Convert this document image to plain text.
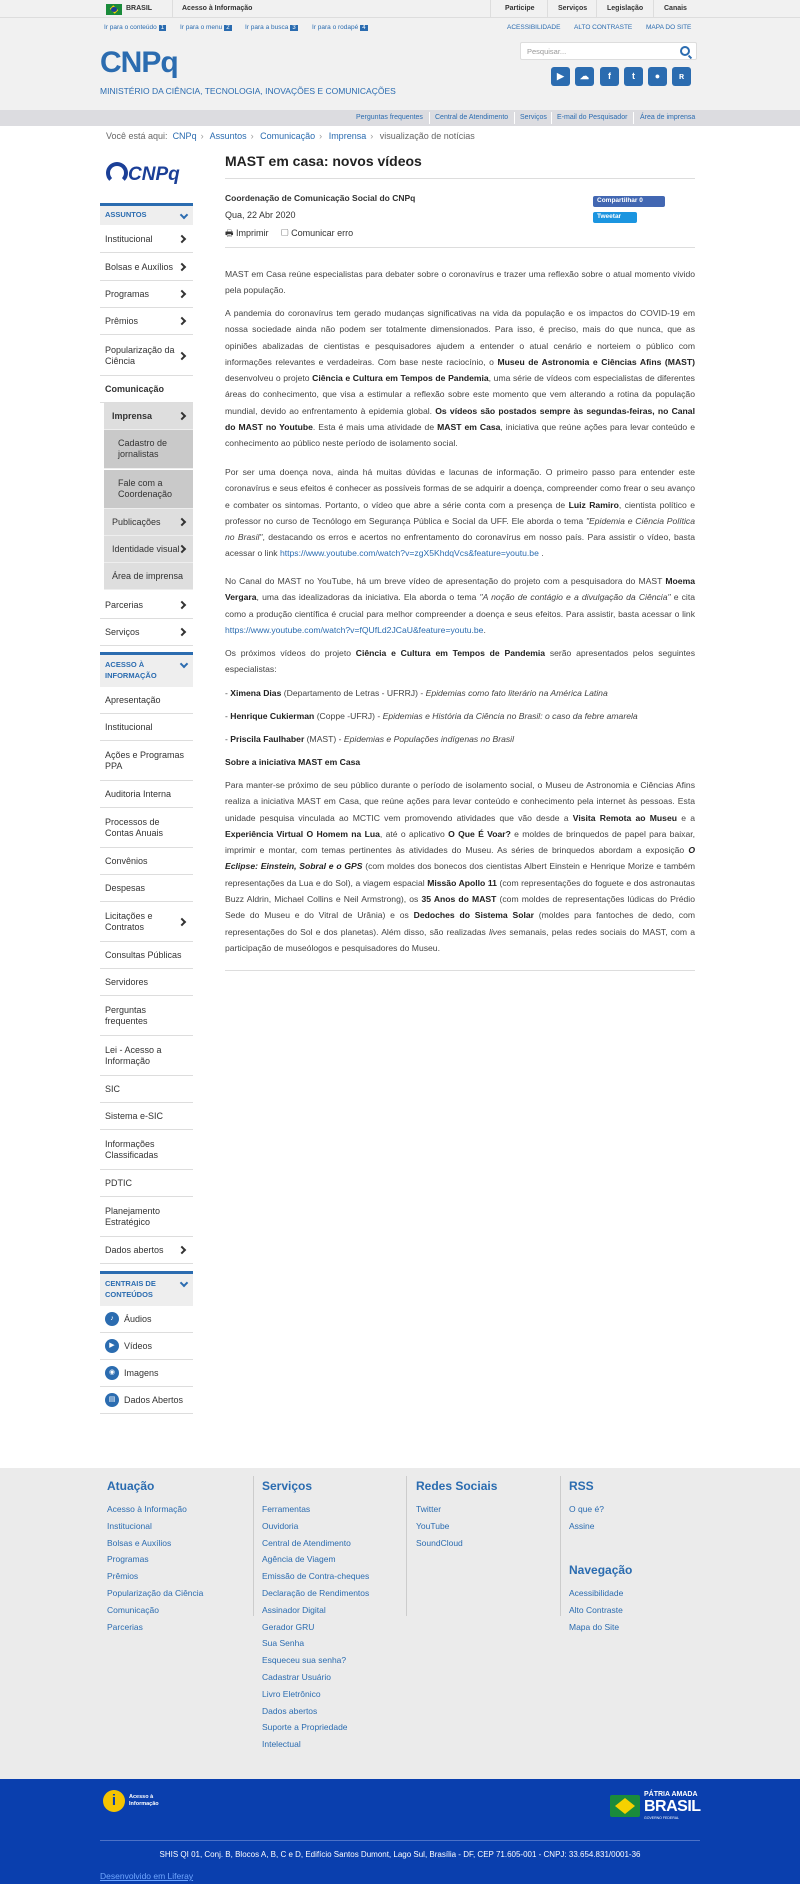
BRASIL	Acesso à Informação	Participe	Serviços	Legislação	Canais
Ir para o conteúdo 1	Ir para o menu 2	Ir para a busca 3	Ir para o rodapé 4	ACESSIBILIDADE ALTO CONTRASTE MAPA DO SITE
CNPq
MINISTÉRIO DA CIÊNCIA, TECNOLOGIA, INOVAÇÕES E COMUNICAÇÕES
Pesquisar...
▶	☁	f	t	●	ʀ
Perguntas frequentes Central de Atendimento Serviços E-mail do Pesquisador Área de imprensa
Você está aqui: CNPq › Assuntos › Comunicação › Imprensa › visualização de notícias
CNPq
ASSUNTOS
Institucional
Bolsas e Auxílios
Programas
Prêmios
Popularização da Ciência
Comunicação
Imprensa
Cadastro de jornalistas
Fale com a Coordenação
Publicações
Identidade visual
Área de imprensa
Parcerias
Serviços
ACESSO À INFORMAÇÃO
Apresentação
Institucional
Ações e Programas PPA
Auditoria Interna
Processos de Contas Anuais
Convênios
Despesas
Licitações e Contratos
Consultas Públicas
Servidores
Perguntas frequentes
Lei - Acesso a Informação
SIC
Sistema e-SIC
Informações Classificadas
PDTIC
Planejamento Estratégico
Dados abertos
CENTRAIS DE CONTEÚDOS
♪	Áudios
▶	Vídeos
◉ Imagens
▤ Dados Abertos
MAST em casa: novos vídeos
Coordenação de Comunicação Social do CNPq
Qua, 22 Abr 2020
🖶 Imprimir ▢ Comunicar erro
Compartilhar 0
Tweetar
MAST em Casa reúne especialistas para debater sobre o coronavírus e trazer uma reflexão sobre o atual momento vivido pela população.
A pandemia do coronavírus tem gerado mudanças significativas na vida da população e os impactos do COVID-19 em nossa sociedade ainda não podem ser totalmente dimensionados. Para isso, é preciso, mais do que nunca, que as opiniões abalizadas de cientistas e pesquisadores ajudem a entender o atual cenário e norteiem o público com informações relevantes e verdadeiras. Com base neste raciocínio, o Museu de Astronomia e Ciências Afins (MAST) desenvolveu o projeto Ciência e Cultura em Tempos de Pandemia, uma série de vídeos com especialistas de diferentes áreas do conhecimento, que visa a estimular a reflexão sobre este momento que vem alterando a rotina da população mundial, devido ao enfrentamento à epidemia global. Os vídeos são postados sempre às segundas-feiras, no Canal do MAST no Youtube. Esta é mais uma atividade de MAST em Casa, iniciativa que reúne ações para levar conteúdo e conhecimento ao público neste período de isolamento social.
Por ser uma doença nova, ainda há muitas dúvidas e lacunas de informação. O primeiro passo para entender este coronavírus e seus efeitos é conhecer as possíveis formas de se adquirir a doença, compreender como frear o seu avanço e combater os sintomas. Portanto, o vídeo que abre a série conta com a presença de Luiz Ramiro, cientista político e professor no curso de Tecnólogo em Segurança Pública e Social da UFF. Ele aborda o tema "Epidemia e Ciência Política no Brasil", destacando os erros e acertos no enfrentamento do coronavírus em nosso país. Para assistir o vídeo, basta acessar o link https://www.youtube.com/watch?v=zgX5KhdqVcs&feature=youtu.be .
No Canal do MAST no YouTube, há um breve vídeo de apresentação do projeto com a pesquisadora do MAST Moema Vergara, uma das idealizadoras da iniciativa. Ela aborda o tema "A noção de contágio e a divulgação da Ciência" e cita como a produção científica é crucial para melhor compreender a doença e seus efeitos. Para assistir, basta acessar o link https://www.youtube.com/watch?v=fQUfLd2JCaU&feature=youtu.be.
Os próximos vídeos do projeto Ciência e Cultura em Tempos de Pandemia serão apresentados pelos seguintes especialistas:
- Ximena Dias (Departamento de Letras - UFRRJ) - Epidemias como fato literário na América Latina
- Henrique Cukierman (Coppe -UFRJ) - Epidemias e História da Ciência no Brasil: o caso da febre amarela
- Priscila Faulhaber (MAST) - Epidemias e Populações indígenas no Brasil
Sobre a iniciativa MAST em Casa
Para manter-se próximo de seu público durante o período de isolamento social, o Museu de Astronomia e Ciências Afins realiza a iniciativa MAST em Casa, que reúne ações para levar conteúdo e conhecimento pela internet às pessoas. Esta unidade pesquisa vinculada ao MCTIC vem promovendo atividades que vão desde a Visita Remota ao Museu e a Experiência Virtual O Homem na Lua, até o aplicativo O Que É Voar? e moldes de brinquedos de papel para baixar, imprimir e montar, com temas pertinentes às atividades do Museu. As séries de brinquedos abordam a exposição O Eclipse: Einstein, Sobral e o GPS (com moldes dos bonecos dos cientistas Albert Einstein e Henrique Morize e também representações da Lua e do Sol), a viagem espacial Missão Apollo 11 (com representações do foguete e dos astronautas Buzz Aldrin, Michael Collins e Neil Armstrong), os 35 Anos do MAST (com moldes de representações lúdicas do Prédio Sede do Museu e do Vitral de Urânia) e os Dedoches do Sistema Solar (moldes para fantoches de dedo, com representações do Sol e dos planetas). Além disso, são realizadas lives semanais, pelas redes sociais do MAST, com a participação de museólogos e pesquisadores do Museu.
Atuação
Acesso à Informação
Institucional
Bolsas e Auxílios
Programas
Prêmios
Popularização da Ciência
Comunicação
Parcerias
Serviços
Ferramentas
Ouvidoria
Central de Atendimento
Agência de Viagem
Emissão de Contra-cheques
Declaração de Rendimentos
Assinador Digital
Gerador GRU
Sua Senha
Esqueceu sua senha?
Cadastrar Usuário
Livro Eletrônico
Dados abertos
Suporte a Propriedade
Intelectual
Redes Sociais
Twitter
YouTube
SoundCloud
RSS
O que é?
Assine
Navegação
Acessibilidade
Alto Contraste
Mapa do Site
i	Acesso à Informação
PÁTRIA AMADA
BRASIL
GOVERNO FEDERAL
SHIS QI 01, Conj. B, Blocos A, B, C e D, Edifício Santos Dumont, Lago Sul, Brasília - DF, CEP 71.605-001 - CNPJ: 33.654.831/0001-36
Desenvolvido em Liferay
